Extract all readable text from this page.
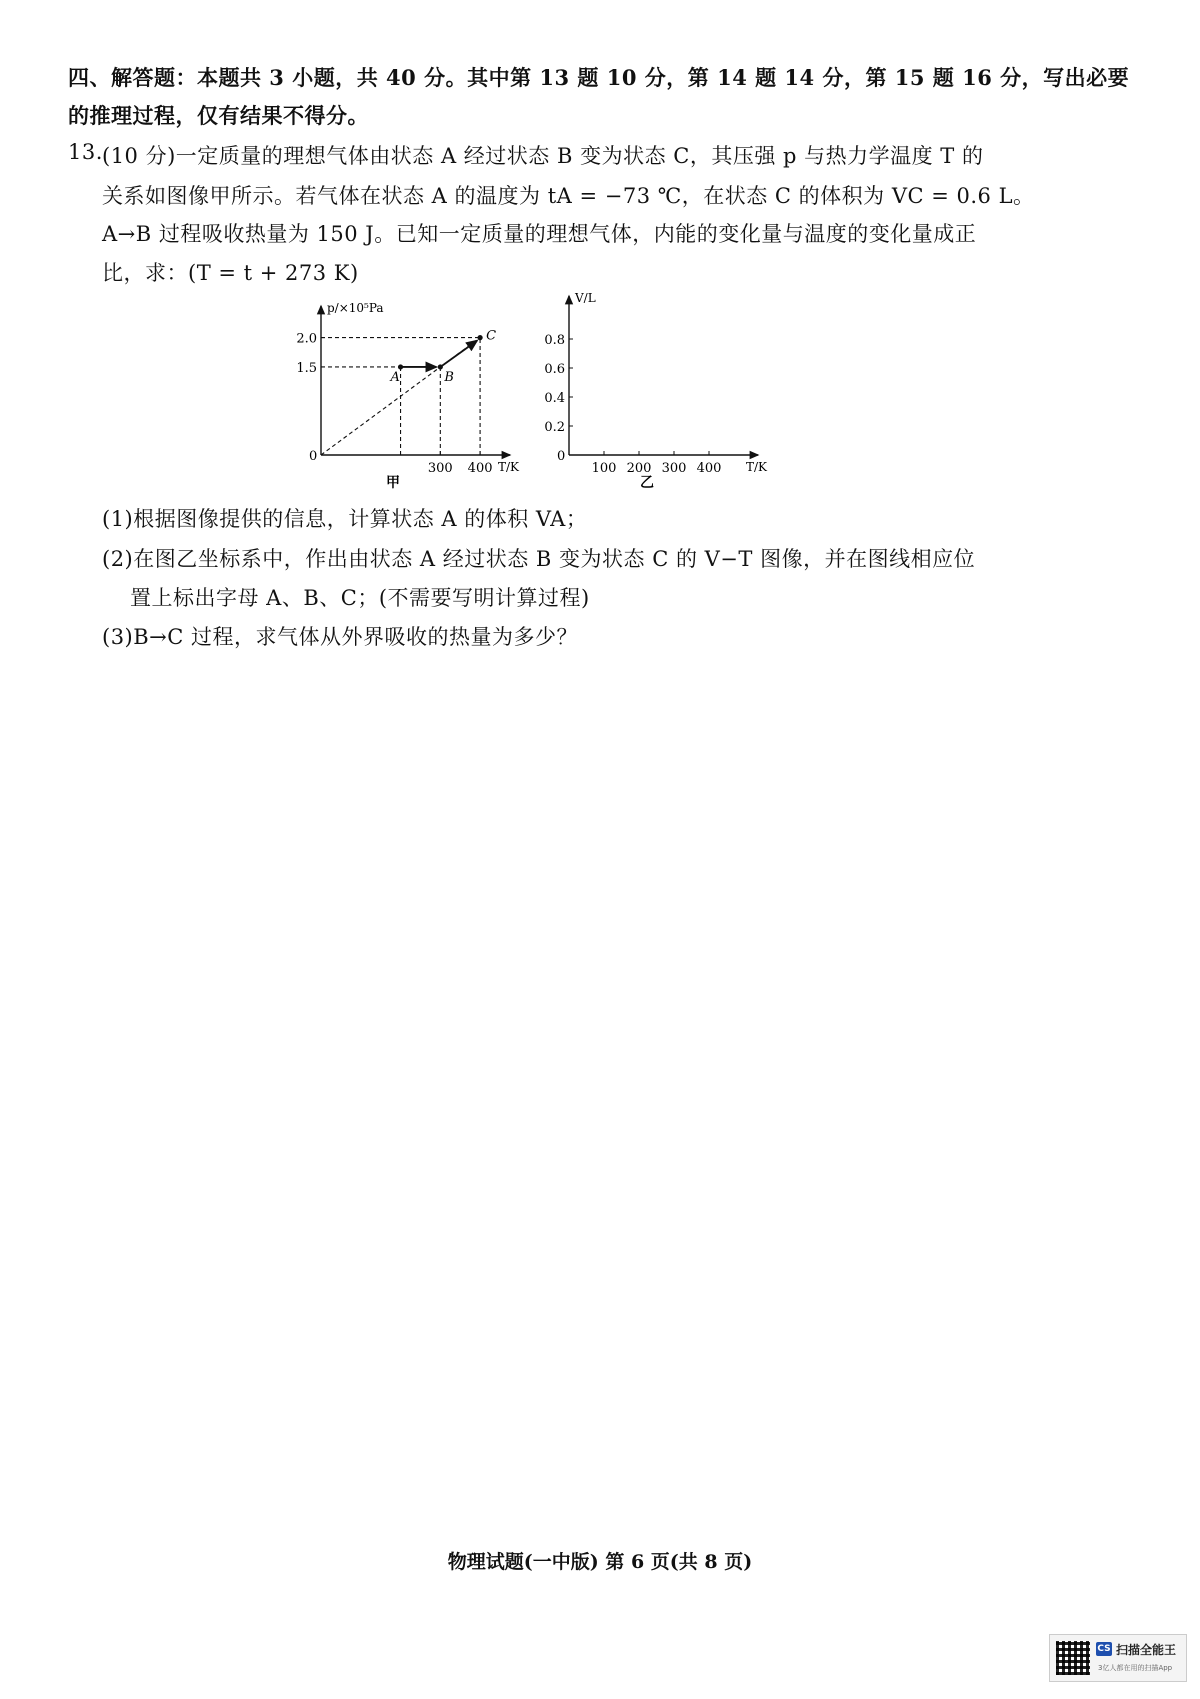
四、解答题：本题共 3 小题，共 40 分。其中第 13 题 10 分，第 14 题 14 分，第 15 题 16 分，写出必要
的推理过程，仅有结果不得分。
13. (10 分)一定质量的理想气体由状态 A 经过状态 B 变为状态 C，其压强 p 与热力学温度 T 的
关系如图像甲所示。若气体在状态 A 的温度为 tA = −73 ℃，在状态 C 的体积为 VC = 0.6 L。
A→B 过程吸收热量为 150 J。已知一定质量的理想气体，内能的变化量与温度的变化量成正
比，求：(T = t + 273 K)
p/×10⁵Pa
T/K
0
300 400
1.5
2.0
甲
A	B
C
V/L
T/K
0
100 200 300 400
0.2
0.4
0.6
0.8
乙
(1)根据图像提供的信息，计算状态 A 的体积 VA；
(2)在图乙坐标系中，作出由状态 A 经过状态 B 变为状态 C 的 V−T 图像，并在图线相应位
置上标出字母 A、B、C；(不需要写明计算过程)
(3)B→C 过程，求气体从外界吸收的热量为多少？
物理试题(一中版) 第 6 页(共 8 页)
CS 扫描全能王
3亿人都在用的扫描App
